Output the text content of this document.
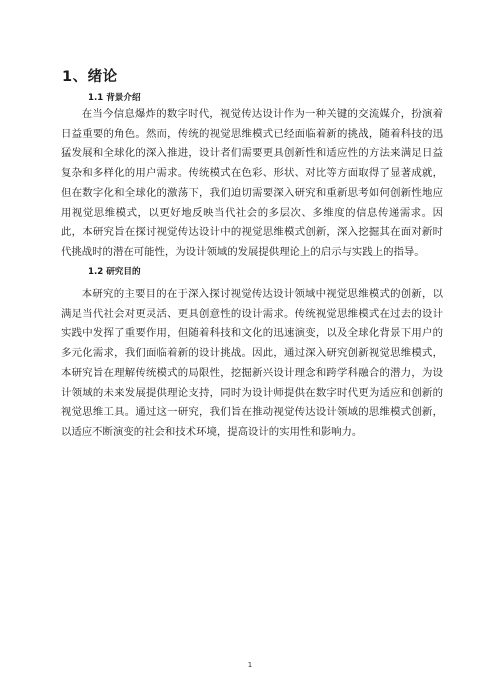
1、绪论
1.1 背景介绍

在当今信息爆炸的数字时代，视觉传达设计作为一种关键的交流媒介，扮演着日益重要的角色。然而，传统的视觉思维模式已经面临着新的挑战，随着科技的迅猛发展和全球化的深入推进，设计者们需要更具创新性和适应性的方法来满足日益复杂和多样化的用户需求。传统模式在色彩、形状、对比等方面取得了显著成就，但在数字化和全球化的激荡下，我们迫切需要深入研究和重新思考如何创新性地应用视觉思维模式，以更好地反映当代社会的多层次、多维度的信息传递需求。因此，本研究旨在探讨视觉传达设计中的视觉思维模式创新，深入挖掘其在面对新时代挑战时的潜在可能性，为设计领域的发展提供理论上的启示与实践上的指导。

1.2 研究目的

本研究的主要目的在于深入探讨视觉传达设计领域中视觉思维模式的创新，以满足当代社会对更灵活、更具创意性的设计需求。传统视觉思维模式在过去的设计实践中发挥了重要作用，但随着科技和文化的迅速演变，以及全球化背景下用户的多元化需求，我们面临着新的设计挑战。因此，通过深入研究创新视觉思维模式，本研究旨在理解传统模式的局限性，挖掘新兴设计理念和跨学科融合的潜力，为设计领域的未来发展提供理论支持，同时为设计师提供在数字时代更为适应和创新的视觉思维工具。通过这一研究，我们旨在推动视觉传达设计领域的思维模式创新，以适应不断演变的社会和技术环境，提高设计的实用性和影响力。

1
